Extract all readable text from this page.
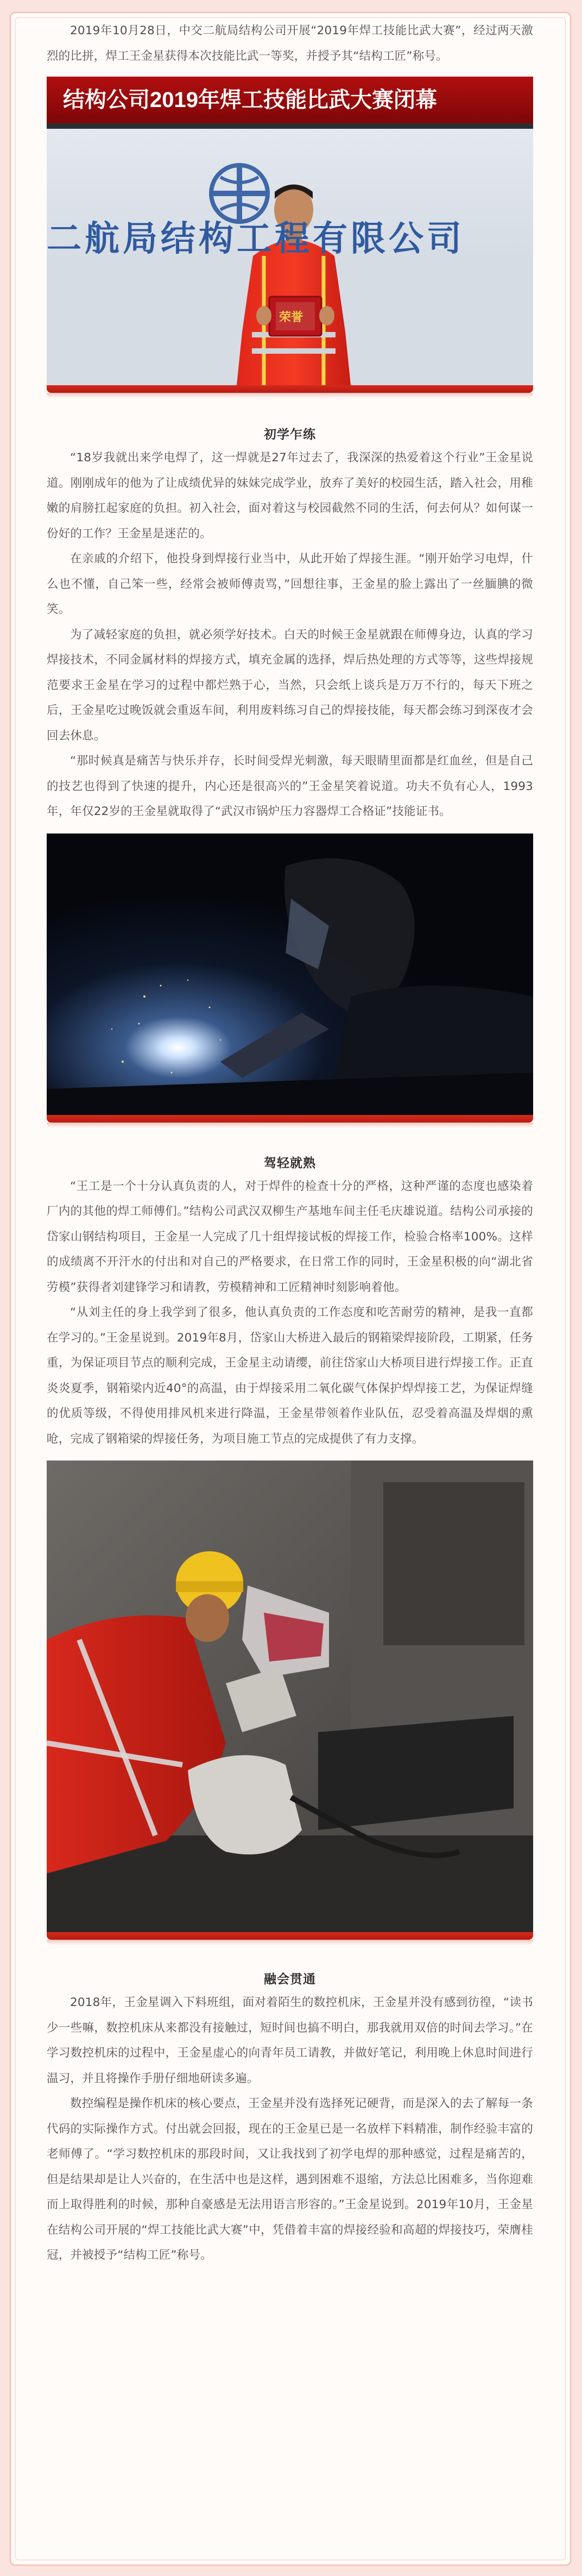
2019年10月28日，中交二航局结构公司开展“2019年焊工技能比武大赛”，经过两天激烈的比拼，焊工王金星获得本次技能比武一等奖，并授予其“结构工匠”称号。

结构公司2019年焊工技能比武大赛闭幕
二航局结构工程有限公司
荣誉
初学乍练

“18岁我就出来学电焊了，这一焊就是27年过去了，我深深的热爱着这个行业”王金星说道。刚刚成年的他为了让成绩优异的妹妹完成学业，放弃了美好的校园生活，踏入社会，用稚嫩的肩膀扛起家庭的负担。初入社会，面对着这与校园截然不同的生活，何去何从？如何谋一份好的工作？王金星是迷茫的。

在亲戚的介绍下，他投身到焊接行业当中，从此开始了焊接生涯。“刚开始学习电焊，什么也不懂，自己笨一些，经常会被师傅责骂，”回想往事，王金星的脸上露出了一丝腼腆的微笑。

为了减轻家庭的负担，就必须学好技术。白天的时候王金星就跟在师傅身边，认真的学习焊接技术，不同金属材料的焊接方式，填充金属的选择，焊后热处理的方式等等，这些焊接规范要求王金星在学习的过程中都烂熟于心，当然，只会纸上谈兵是万万不行的，每天下班之后，王金星吃过晚饭就会重返车间，利用废料练习自己的焊接技能，每天都会练习到深夜才会回去休息。

“那时候真是痛苦与快乐并存，长时间受焊光刺激，每天眼睛里面都是红血丝，但是自己的技艺也得到了快速的提升，内心还是很高兴的”王金星笑着说道。功夫不负有心人，1993年，年仅22岁的王金星就取得了“武汉市锅炉压力容器焊工合格证”技能证书。

驾轻就熟

“王工是一个十分认真负责的人，对于焊件的检查十分的严格，这种严谨的态度也感染着厂内的其他的焊工师傅们。”结构公司武汉双柳生产基地车间主任毛庆雄说道。结构公司承接的岱家山钢结构项目，王金星一人完成了几十组焊接试板的焊接工作，检验合格率100%。这样的成绩离不开汗水的付出和对自己的严格要求，在日常工作的同时，王金星积极的向“湖北省劳模”获得者刘建锋学习和请教，劳模精神和工匠精神时刻影响着他。

“从刘主任的身上我学到了很多，他认真负责的工作态度和吃苦耐劳的精神，是我一直都在学习的。”王金星说到。2019年8月，岱家山大桥进入最后的钢箱梁焊接阶段，工期紧，任务重，为保证项目节点的顺利完成，王金星主动请缨，前往岱家山大桥项目进行焊接工作。正直炎炎夏季，钢箱梁内近40°的高温，由于焊接采用二氧化碳气体保护焊焊接工艺，为保证焊缝的优质等级，不得使用排风机来进行降温，王金星带领着作业队伍，忍受着高温及焊烟的熏呛，完成了钢箱梁的焊接任务，为项目施工节点的完成提供了有力支撑。

融会贯通

2018年，王金星调入下料班组，面对着陌生的数控机床，王金星并没有感到彷徨，“读书少一些嘛，数控机床从来都没有接触过，短时间也搞不明白，那我就用双倍的时间去学习。”在学习数控机床的过程中，王金星虚心的向青年员工请教，并做好笔记，利用晚上休息时间进行温习，并且将操作手册仔细地研读多遍。

数控编程是操作机床的核心要点，王金星并没有选择死记硬背，而是深入的去了解每一条代码的实际操作方式。付出就会回报，现在的王金星已是一名放样下料精准，制作经验丰富的老师傅了。“学习数控机床的那段时间，又让我找到了初学电焊的那种感觉，过程是痛苦的，但是结果却是让人兴奋的，在生活中也是这样，遇到困难不退缩，方法总比困难多，当你迎难而上取得胜利的时候，那种自豪感是无法用语言形容的。”王金星说到。2019年10月，王金星在结构公司开展的“焊工技能比武大赛”中，凭借着丰富的焊接经验和高超的焊接技巧，荣膺桂冠，并被授予“结构工匠”称号。
